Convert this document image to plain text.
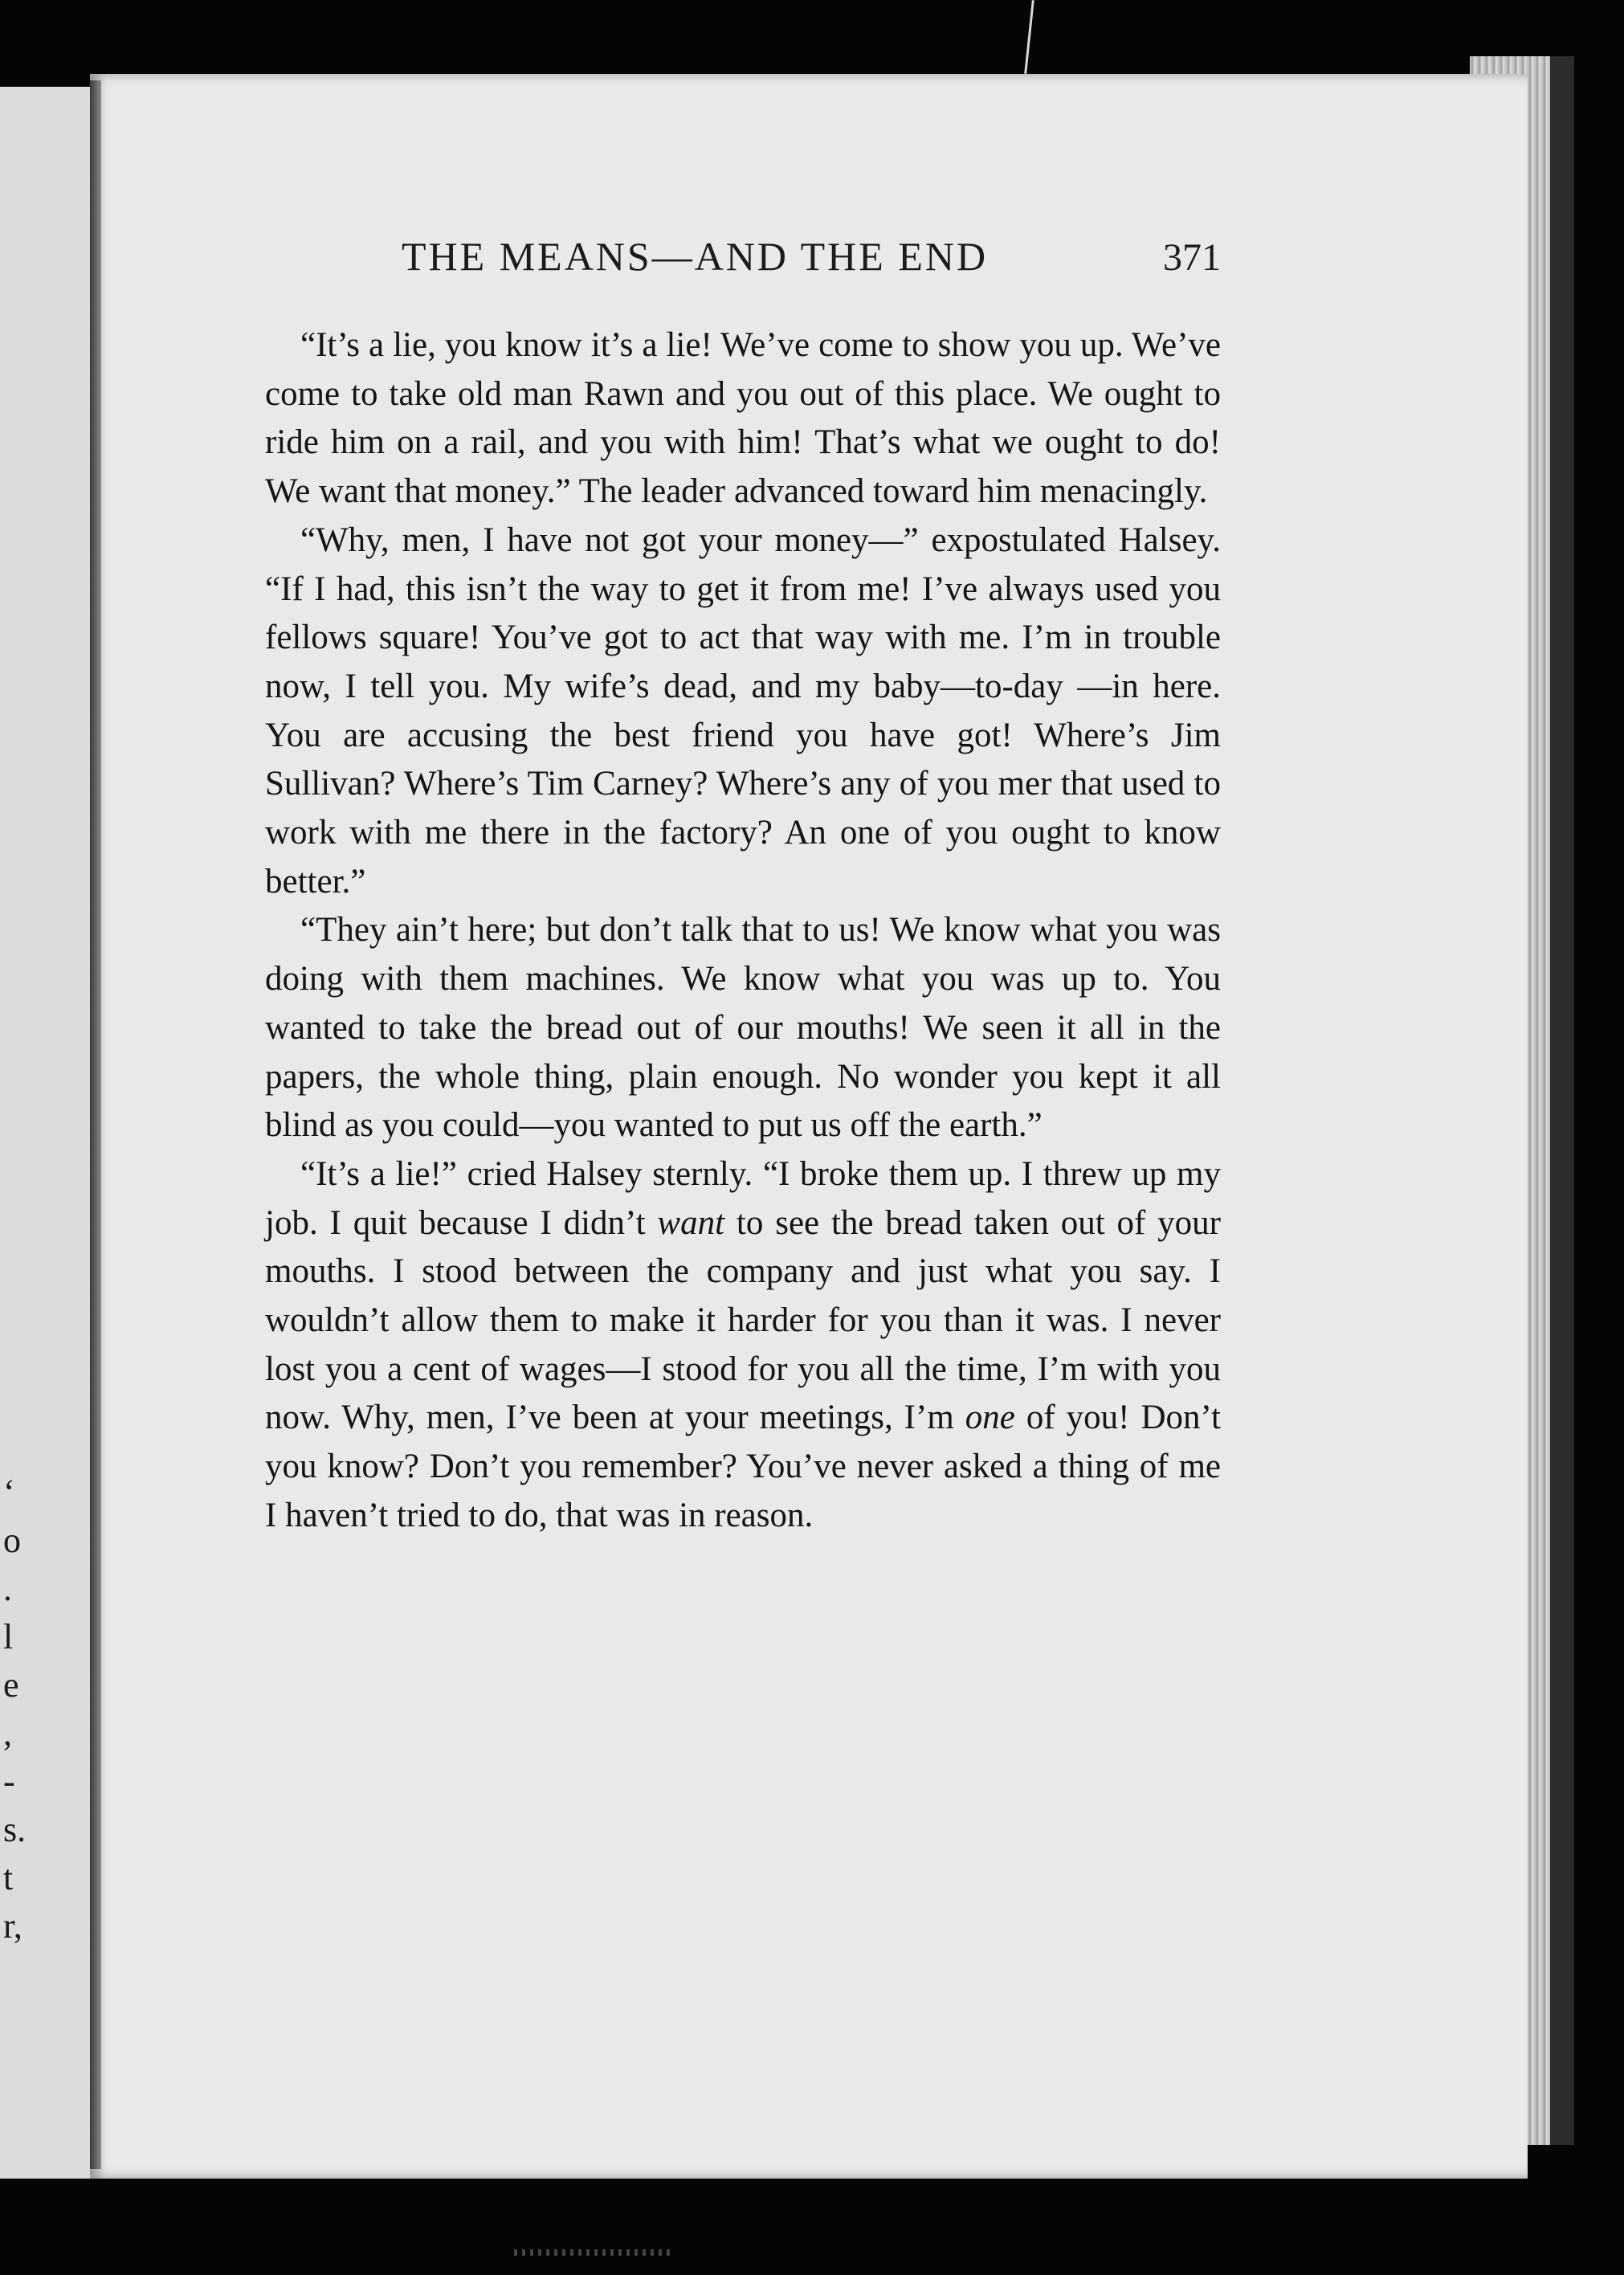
‘
o
.
l
e
,
-
s.
t
r,
THE MEANS—AND THE END	371

“It’s a lie, you know it’s a lie! We’ve come to show you up. We’ve come to take old man Rawn and you out of this place. We ought to ride him on a rail, and you with him! That’s what we ought to do! We want that money.” The leader advanced toward him menacingly.

“Why, men, I have not got your money—” expostulated Halsey. “If I had, this isn’t the way to get it from me! I’ve always used you fellows square! You’ve got to act that way with me. I’m in trouble now, I tell you. My wife’s dead, and my baby—to-day —in here. You are accusing the best friend you have got! Where’s Jim Sullivan? Where’s Tim Carney? Where’s any of you mer that used to work with me there in the factory? An one of you ought to know better.”

“They ain’t here; but don’t talk that to us! We know what you was doing with them machines. We know what you was up to. You wanted to take the bread out of our mouths! We seen it all in the papers, the whole thing, plain enough. No wonder you kept it all blind as you could—you wanted to put us off the earth.”

“It’s a lie!” cried Halsey sternly. “I broke them up. I threw up my job. I quit because I didn’t want to see the bread taken out of your mouths. I stood between the company and just what you say. I wouldn’t allow them to make it harder for you than it was. I never lost you a cent of wages—I stood for you all the time, I’m with you now. Why, men, I’ve been at your meetings, I’m one of you! Don’t you know? Don’t you remember? You’ve never asked a thing of me I haven’t tried to do, that was in reason.
